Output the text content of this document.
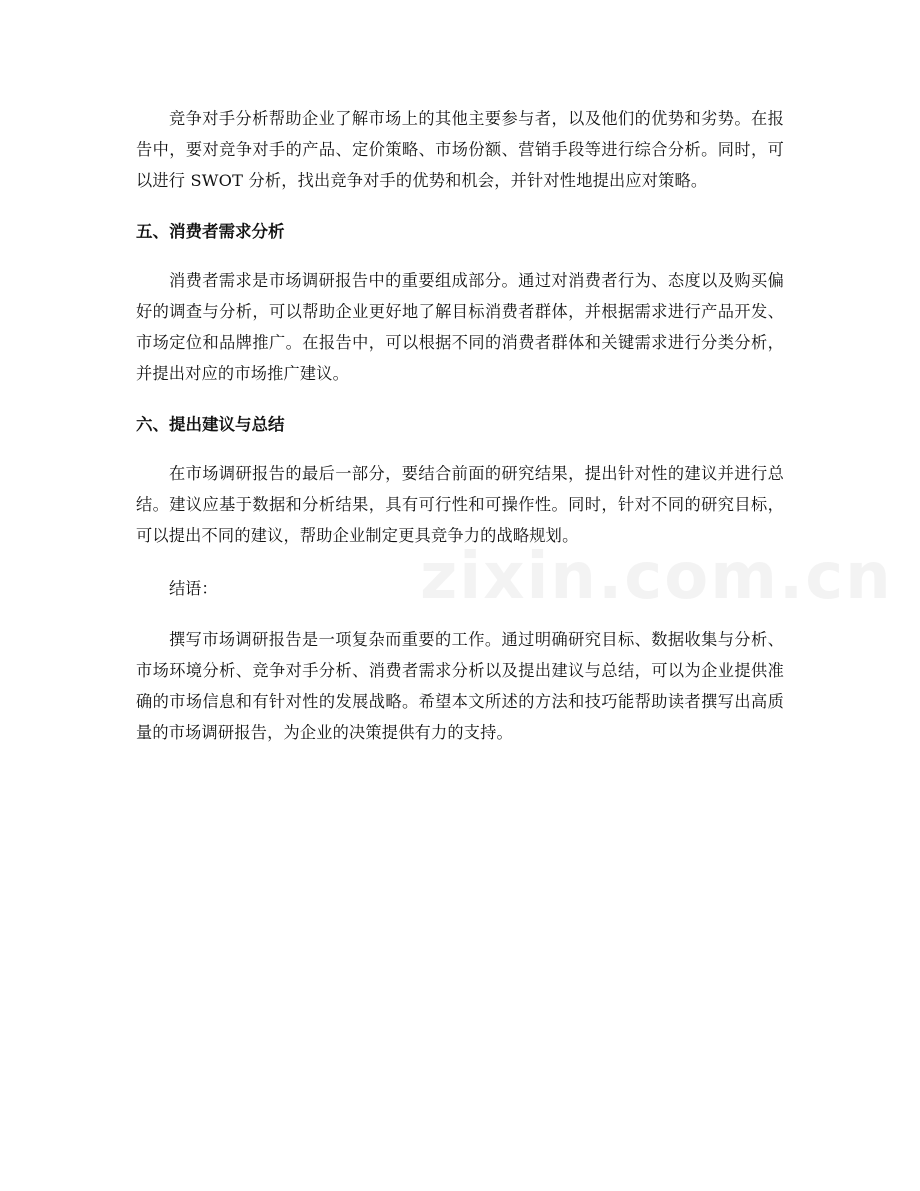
竞争对手分析帮助企业了解市场上的其他主要参与者，以及他们的优势和劣势。在报告中，要对竞争对手的产品、定价策略、市场份额、营销手段等进行综合分析。同时，可以进行 SWOT 分析，找出竞争对手的优势和机会，并针对性地提出应对策略。

五、消费者需求分析

消费者需求是市场调研报告中的重要组成部分。通过对消费者行为、态度以及购买偏好的调查与分析，可以帮助企业更好地了解目标消费者群体，并根据需求进行产品开发、市场定位和品牌推广。在报告中，可以根据不同的消费者群体和关键需求进行分类分析，并提出对应的市场推广建议。

六、提出建议与总结

在市场调研报告的最后一部分，要结合前面的研究结果，提出针对性的建议并进行总结。建议应基于数据和分析结果，具有可行性和可操作性。同时，针对不同的研究目标，可以提出不同的建议，帮助企业制定更具竞争力的战略规划。

结语：

撰写市场调研报告是一项复杂而重要的工作。通过明确研究目标、数据收集与分析、市场环境分析、竞争对手分析、消费者需求分析以及提出建议与总结，可以为企业提供准确的市场信息和有针对性的发展战略。希望本文所述的方法和技巧能帮助读者撰写出高质量的市场调研报告，为企业的决策提供有力的支持。

zixin.com.cn
